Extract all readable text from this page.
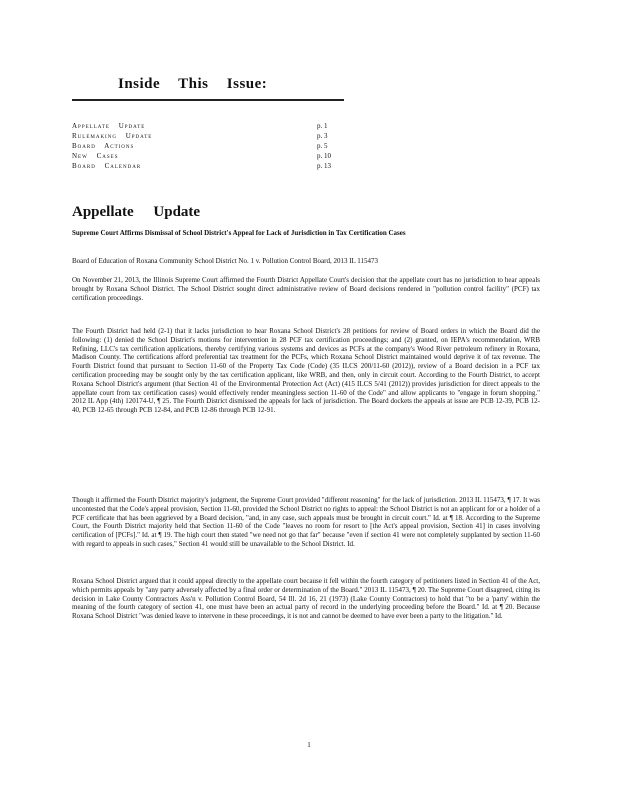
Inside This Issue:
Appellate Update	p. 1
Rulemaking Update	p. 3
Board Actions	p. 5
New Cases	p. 10
Board Calendar	p. 13
Appellate Update
Supreme Court Affirms Dismissal of School District's Appeal for Lack of Jurisdiction in Tax Certification Cases
Board of Education of Roxana Community School District No. 1 v. Pollution Control Board, 2013 IL 115473
On November 21, 2013, the Illinois Supreme Court affirmed the Fourth District Appellate Court's decision that the appellate court has no jurisdiction to hear appeals brought by Roxana School District. The School District sought direct administrative review of Board decisions rendered in "pollution control facility" (PCF) tax certification proceedings.
The Fourth District had held (2-1) that it lacks jurisdiction to hear Roxana School District's 28 petitions for review of Board orders in which the Board did the following: (1) denied the School District's motions for intervention in 28 PCF tax certification proceedings; and (2) granted, on IEPA's recommendation, WRB Refining, LLC's tax certification applications, thereby certifying various systems and devices as PCFs at the company's Wood River petroleum refinery in Roxana, Madison County. The certifications afford preferential tax treatment for the PCFs, which Roxana School District maintained would deprive it of tax revenue. The Fourth District found that pursuant to Section 11-60 of the Property Tax Code (Code) (35 ILCS 200/11-60 (2012)), review of a Board decision in a PCF tax certification proceeding may be sought only by the tax certification applicant, like WRB, and then, only in circuit court. According to the Fourth District, to accept Roxana School District's argument (that Section 41 of the Environmental Protection Act (Act) (415 ILCS 5/41 (2012)) provides jurisdiction for direct appeals to the appellate court from tax certification cases) would effectively render meaningless section 11-60 of the Code" and allow applicants to "engage in forum shopping." 2012 IL App (4th) 120174-U, ¶ 25. The Fourth District dismissed the appeals for lack of jurisdiction. The Board dockets the appeals at issue are PCB 12-39, PCB 12-40, PCB 12-65 through PCB 12-84, and PCB 12-86 through PCB 12-91.
Though it affirmed the Fourth District majority's judgment, the Supreme Court provided "different reasoning" for the lack of jurisdiction. 2013 IL 115473, ¶ 17. It was uncontested that the Code's appeal provision, Section 11-60, provided the School District no rights to appeal: the School District is not an applicant for or a holder of a PCF certificate that has been aggrieved by a Board decision, "and, in any case, such appeals must be brought in circuit court." Id. at ¶ 18. According to the Supreme Court, the Fourth District majority held that Section 11-60 of the Code "leaves no room for resort to [the Act's appeal provision, Section 41] in cases involving certification of [PCFs]." Id. at ¶ 19. The high court then stated "we need not go that far" because "even if section 41 were not completely supplanted by section 11-60 with regard to appeals in such cases," Section 41 would still be unavailable to the School District. Id.
Roxana School District argued that it could appeal directly to the appellate court because it fell within the fourth category of petitioners listed in Section 41 of the Act, which permits appeals by "any party adversely affected by a final order or determination of the Board." 2013 IL 115473, ¶ 20. The Supreme Court disagreed, citing its decision in Lake County Contractors Ass'n v. Pollution Control Board, 54 Ill. 2d 16, 21 (1973) (Lake County Contractors) to hold that "to be a 'party' within the meaning of the fourth category of section 41, one must have been an actual party of record in the underlying proceeding before the Board." Id. at ¶ 20. Because Roxana School District "was denied leave to intervene in these proceedings, it is not and cannot be deemed to have ever been a party to the litigation." Id.
1
